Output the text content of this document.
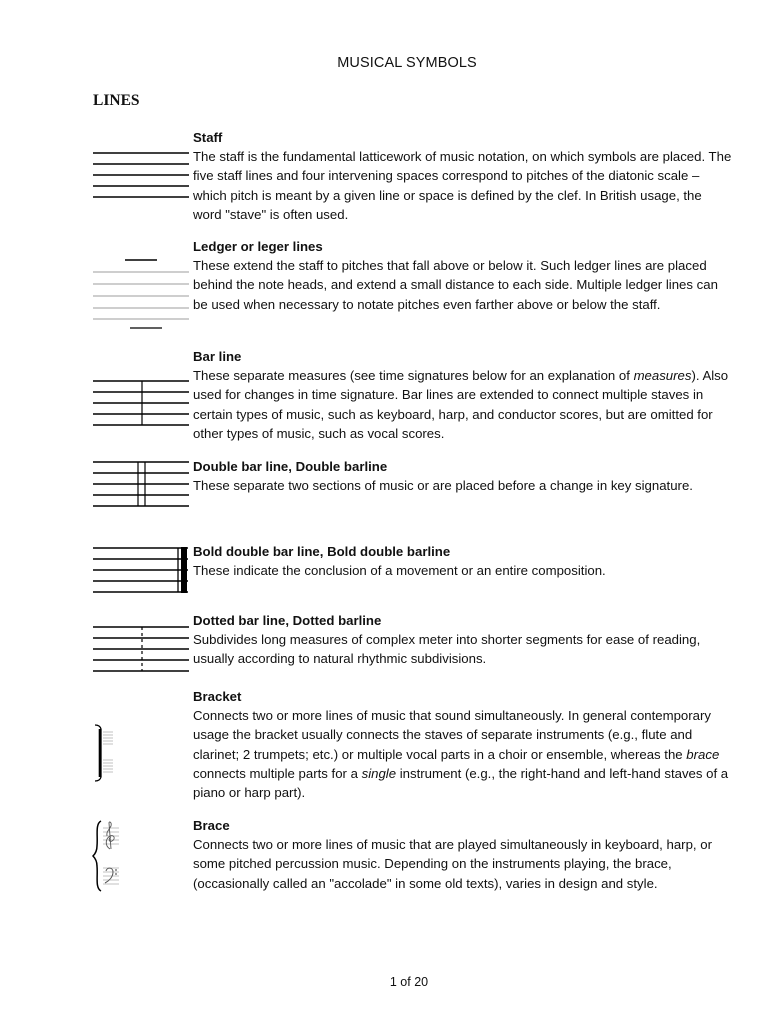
MUSICAL SYMBOLS
LINES
Staff

The staff is the fundamental latticework of music notation, on which symbols are placed. The five staff lines and four intervening spaces correspond to pitches of the diatonic scale – which pitch is meant by a given line or space is defined by the clef. In British usage, the word "stave" is often used.

Ledger or leger lines

These extend the staff to pitches that fall above or below it. Such ledger lines are placed behind the note heads, and extend a small distance to each side. Multiple ledger lines can be used when necessary to notate pitches even farther above or below the staff.

Bar line

These separate measures (see time signatures below for an explanation of measures). Also used for changes in time signature. Bar lines are extended to connect multiple staves in certain types of music, such as keyboard, harp, and conductor scores, but are omitted for other types of music, such as vocal scores.

Double bar line, Double barline

These separate two sections of music or are placed before a change in key signature.

Bold double bar line, Bold double barline

These indicate the conclusion of a movement or an entire composition.

Dotted bar line, Dotted barline

Subdivides long measures of complex meter into shorter segments for ease of reading, usually according to natural rhythmic subdivisions.

Bracket

Connects two or more lines of music that sound simultaneously. In general contemporary usage the bracket usually connects the staves of separate instruments (e.g., flute and clarinet; 2 trumpets; etc.) or multiple vocal parts in a choir or ensemble, whereas the brace connects multiple parts for a single instrument (e.g., the right-hand and left-hand staves of a piano or harp part).

Brace

Connects two or more lines of music that are played simultaneously in keyboard, harp, or some pitched percussion music. Depending on the instruments playing, the brace, (occasionally called an "accolade" in some old texts), varies in design and style.

1 of 20
